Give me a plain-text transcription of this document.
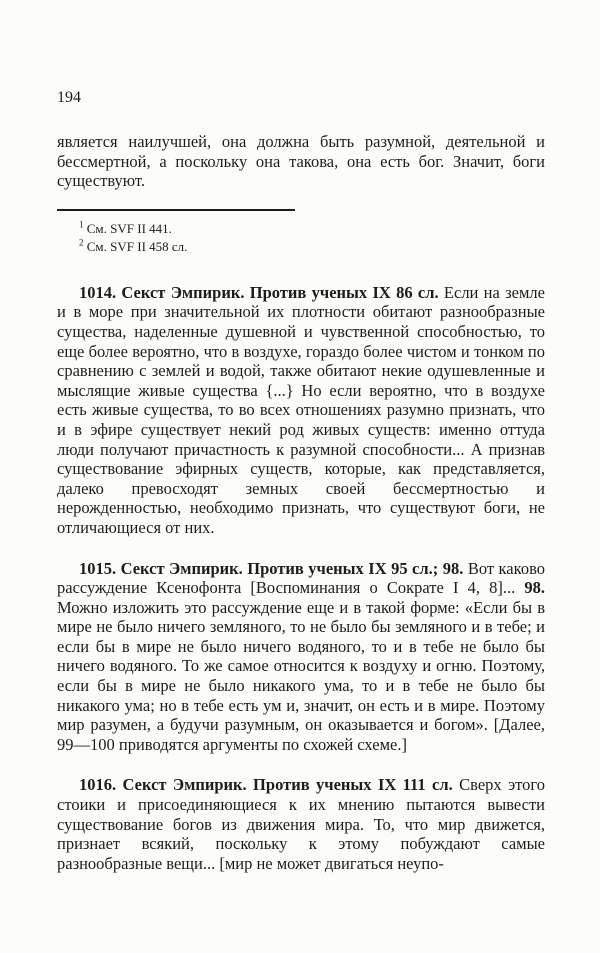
194

является наилучшей, она должна быть разумной, деятельной и бессмертной, а поскольку она такова, она есть бог. Значит, боги существуют.

$^1$ См. SVF II 441.

$^2$ См. SVF II 458 сл.

1014. Секст Эмпирик. Против ученых IX 86 сл. Если на земле и в море при значительной их плотности обитают разнообразные существа, наделенные душевной и чувственной способностью, то еще более вероятно, что в воздухе, гораздо более чистом и тонком по сравнению с землей и водой, также обитают некие одушевленные и мыслящие живые существа {...} Но если вероятно, что в воздухе есть живые существа, то во всех отношениях разумно признать, что и в эфире существует некий род живых существ: именно оттуда люди получают причастность к разумной способности... А признав существование эфирных существ, которые, как представляется, далеко превосходят земных своей бессмертностью и нерожденностью, необходимо признать, что существуют боги, не отличающиеся от них.

1015. Секст Эмпирик. Против ученых IX 95 сл.; 98. Вот каково рассуждение Ксенофонта [Воспоминания о Сократе I 4, 8]... 98. Можно изложить это рассуждение еще и в такой форме: «Если бы в мире не было ничего земляного, то не было бы земляного и в тебе; и если бы в мире не было ничего водяного, то и в тебе не было бы ничего водяного. То же самое относится к воздуху и огню. Поэтому, если бы в мире не было никакого ума, то и в тебе не было бы никакого ума; но в тебе есть ум и, значит, он есть и в мире. Поэтому мир разумен, а будучи разумным, он оказывается и богом». [Далее, 99—100 приводятся аргументы по схожей схеме.]

1016. Секст Эмпирик. Против ученых IX 111 сл. Сверх этого стоики и присоединяющиеся к их мнению пытаются вывести существование богов из движения мира. То, что мир движется, признает всякий, поскольку к этому побуждают самые разнообразные вещи... [мир не может двигаться неупо-
